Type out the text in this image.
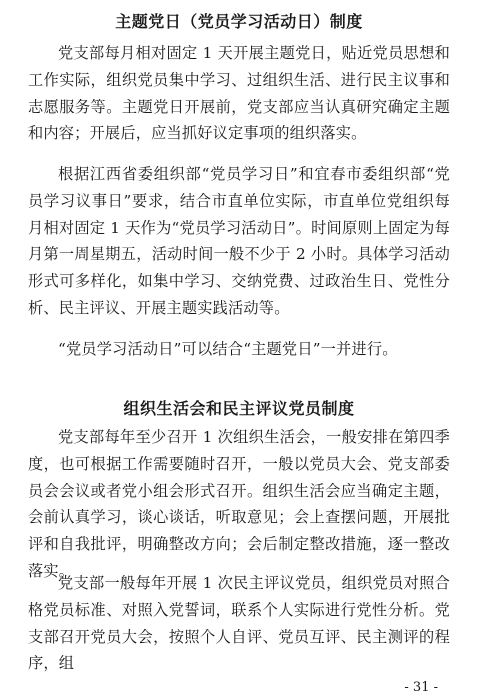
主题党日（党员学习活动日）制度

党支部每月相对固定 1 天开展主题党日，贴近党员思想和工作实际，组织党员集中学习、过组织生活、进行民主议事和志愿服务等。主题党日开展前，党支部应当认真研究确定主题和内容；开展后，应当抓好议定事项的组织落实。

根据江西省委组织部“党员学习日”和宜春市委组织部“党员学习议事日”要求，结合市直单位实际，市直单位党组织每月相对固定 1 天作为“党员学习活动日”。时间原则上固定为每月第一周星期五，活动时间一般不少于 2 小时。具体学习活动形式可多样化，如集中学习、交纳党费、过政治生日、党性分析、民主评议、开展主题实践活动等。

“党员学习活动日”可以结合“主题党日”一并进行。

组织生活会和民主评议党员制度

党支部每年至少召开 1 次组织生活会，一般安排在第四季度，也可根据工作需要随时召开，一般以党员大会、党支部委员会会议或者党小组会形式召开。组织生活会应当确定主题，会前认真学习，谈心谈话，听取意见；会上查摆问题，开展批评和自我批评，明确整改方向；会后制定整改措施，逐一整改落实。

党支部一般每年开展 1 次民主评议党员，组织党员对照合格党员标准、对照入党誓词，联系个人实际进行党性分析。党支部召开党员大会，按照个人自评、党员互评、民主测评的程序，组

- 31 -
